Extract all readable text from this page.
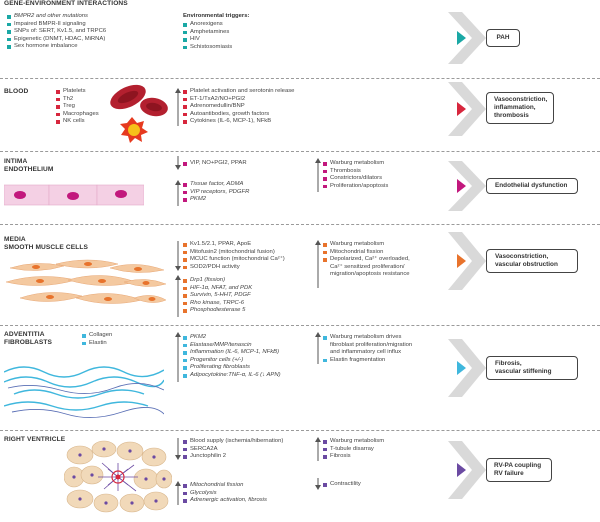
GENE-ENVIRONMENT INTERACTIONS
BMPR2 and other mutations
Impaired BMPR-II signaling
SNPs of: SERT, Kv1.5, and TRPC6
Epigenetic (DNMT, HDAC, MiRNA)
Sex hormone imbalance
Environmental triggers:
Anorexigens
Amphetamines
HIV
Schistosomiasis
PAH
BLOOD	Platelets
Th2
Treg
Macrophages
NK cells
Platelet activation and serotonin release
ET-1/TxA2/NO+PGI2
Adrenomedullin/BNP
Autoantibodies, growth factors
Cytokines (IL-6, MCP-1), NFkB
Vasoconstriction,
inflammation,
thrombosis
INTIMA
ENDOTHELIUM
VIP, NO+PGI2, PPAR
Tissue factor, ADMA
VIP receptors, PDGFR
PKM2
Warburg metabolism
Thrombosis
Constrictors/dilators
Proliferation/apoptosis	Endothelial dysfunction
MEDIA
SMOOTH MUSCLE CELLS	Kv1.5/2.1, PPAR, ApoE
Mitofusin2 (mitochondrial fusion)
MCUC function (mitochondrial Ca²⁺)
SOD2/PDH activity
Drp1 (fission)
HIF-1α, NFAT, and PDK
Survivin, 5-HHT, PDGF
Rho kinase, TRPC-6
Phosphodiesterase 5
Warburg metabolism
Mitochondrial fission
Depolarized, Ca²⁺ overloaded,
Ca²⁺ sensitized proliferation/
migration/apoptosis resistance
Vasoconstriction,
vascular obstruction
ADVENTITIA
FIBROBLASTS
Collagen
Elastin
PKM2
Elastase/MMP/tenascin
Inflammation (IL-6, MCP-1, NFkB)
Progenitor cells (+/-)
Proliferating fibroblasts
Adipocytokine:TNF-α, IL-6 (↓ APN)
Warburg metabolism drives
fibroblast proliferation/migration
and inflammatory cell influx
Elastin fragmentation
Fibrosis,
vascular stiffening
RIGHT VENTRICLE	Blood supply (ischemia/hibernation)
SERCA2A
Junctophilin 2
Mitochondrial fission
Glycolysis
Adrenergic activation, fibrosis
Warburg metabolism
T-tubule disarray
Fibrosis
Contractility
RV-PA coupling
RV failure
